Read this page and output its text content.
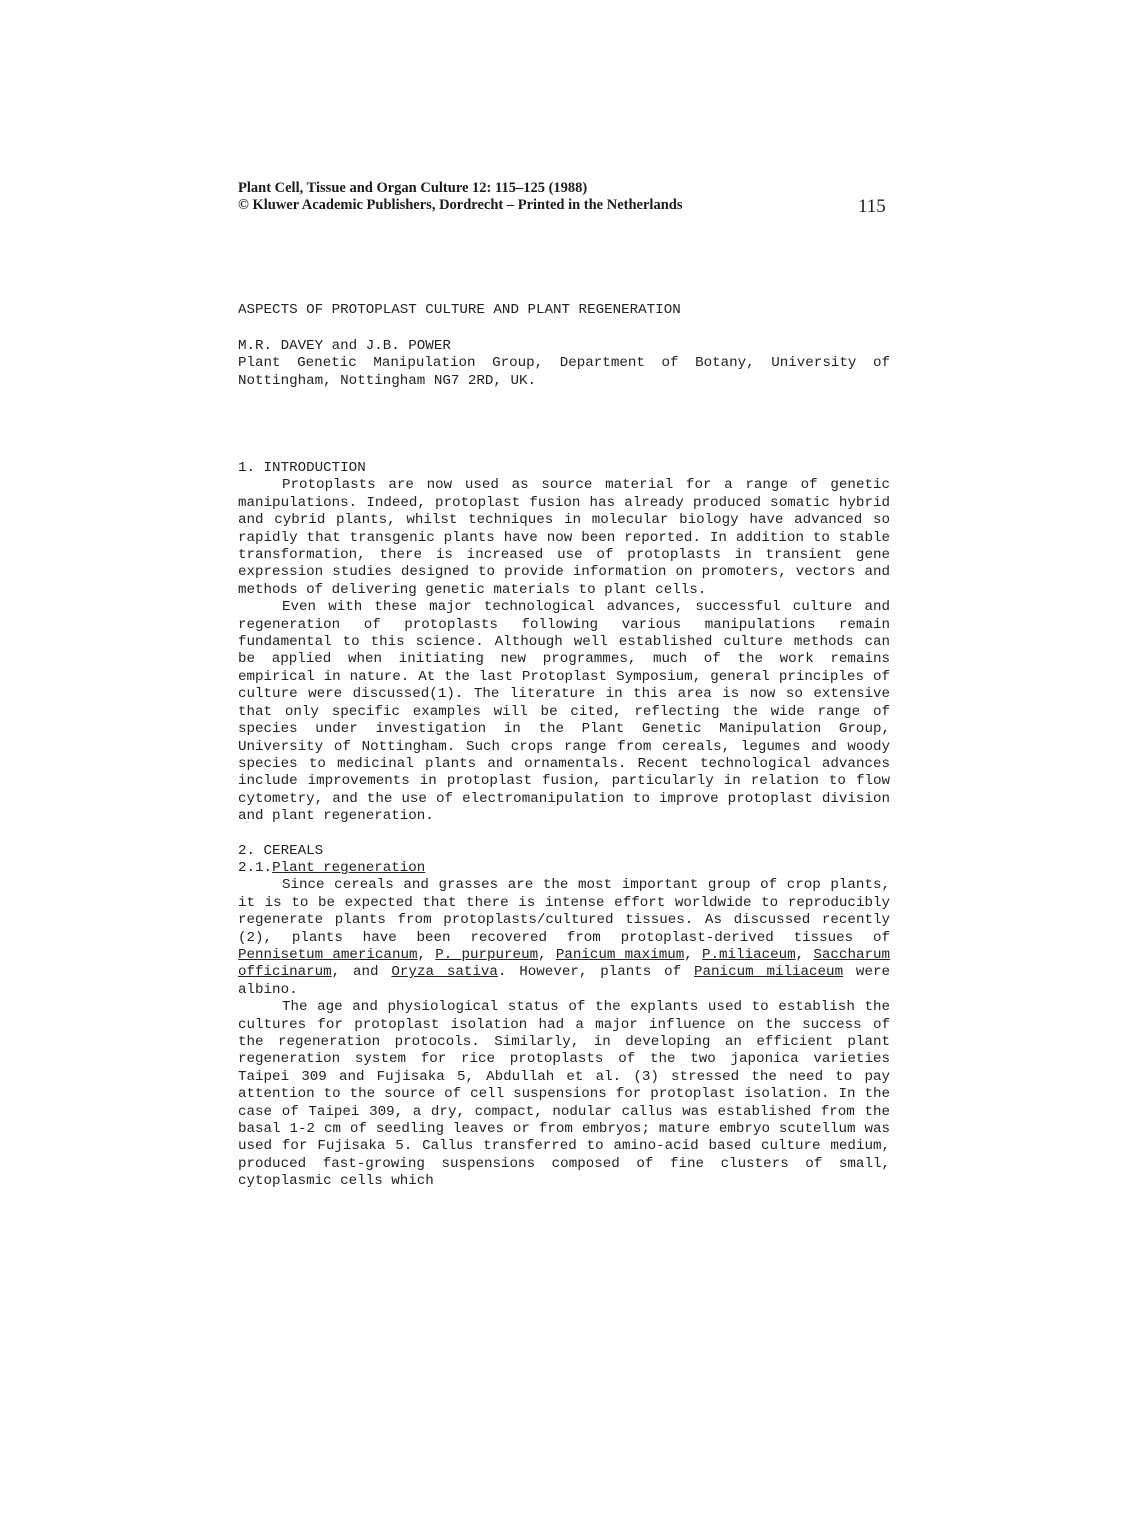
Plant Cell, Tissue and Organ Culture 12: 115–125 (1988)
© Kluwer Academic Publishers, Dordrecht – Printed in the Netherlands	115
ASPECTS OF PROTOPLAST CULTURE AND PLANT REGENERATION
M.R. DAVEY and J.B. POWER
Plant Genetic Manipulation Group, Department of Botany, University of Nottingham, Nottingham NG7 2RD, UK.
1. INTRODUCTION

Protoplasts are now used as source material for a range of genetic manipulations. Indeed, protoplast fusion has already produced somatic hybrid and cybrid plants, whilst techniques in molecular biology have advanced so rapidly that transgenic plants have now been reported. In addition to stable transformation, there is increased use of protoplasts in transient gene expression studies designed to provide information on promoters, vectors and methods of delivering genetic materials to plant cells.

Even with these major technological advances, successful culture and regeneration of protoplasts following various manipulations remain fundamental to this science. Although well established culture methods can be applied when initiating new programmes, much of the work remains empirical in nature. At the last Protoplast Symposium, general principles of culture were discussed(1). The literature in this area is now so extensive that only specific examples will be cited, reflecting the wide range of species under investigation in the Plant Genetic Manipulation Group, University of Nottingham. Such crops range from cereals, legumes and woody species to medicinal plants and ornamentals. Recent technological advances include improvements in protoplast fusion, particularly in relation to flow cytometry, and the use of electromanipulation to improve protoplast division and plant regeneration.

2. CEREALS
2.1.Plant regeneration

Since cereals and grasses are the most important group of crop plants, it is to be expected that there is intense effort worldwide to reproducibly regenerate plants from protoplasts/cultured tissues. As discussed recently (2), plants have been recovered from protoplast-derived tissues of Pennisetum americanum, P. purpureum, Panicum maximum, P.miliaceum, Saccharum officinarum, and Oryza sativa. However, plants of Panicum miliaceum were albino.

The age and physiological status of the explants used to establish the cultures for protoplast isolation had a major influence on the success of the regeneration protocols. Similarly, in developing an efficient plant regeneration system for rice protoplasts of the two japonica varieties Taipei 309 and Fujisaka 5, Abdullah et al. (3) stressed the need to pay attention to the source of cell suspensions for protoplast isolation. In the case of Taipei 309, a dry, compact, nodular callus was established from the basal 1-2 cm of seedling leaves or from embryos; mature embryo scutellum was used for Fujisaka 5. Callus transferred to amino-acid based culture medium, produced fast-growing suspensions composed of fine clusters of small, cytoplasmic cells which
